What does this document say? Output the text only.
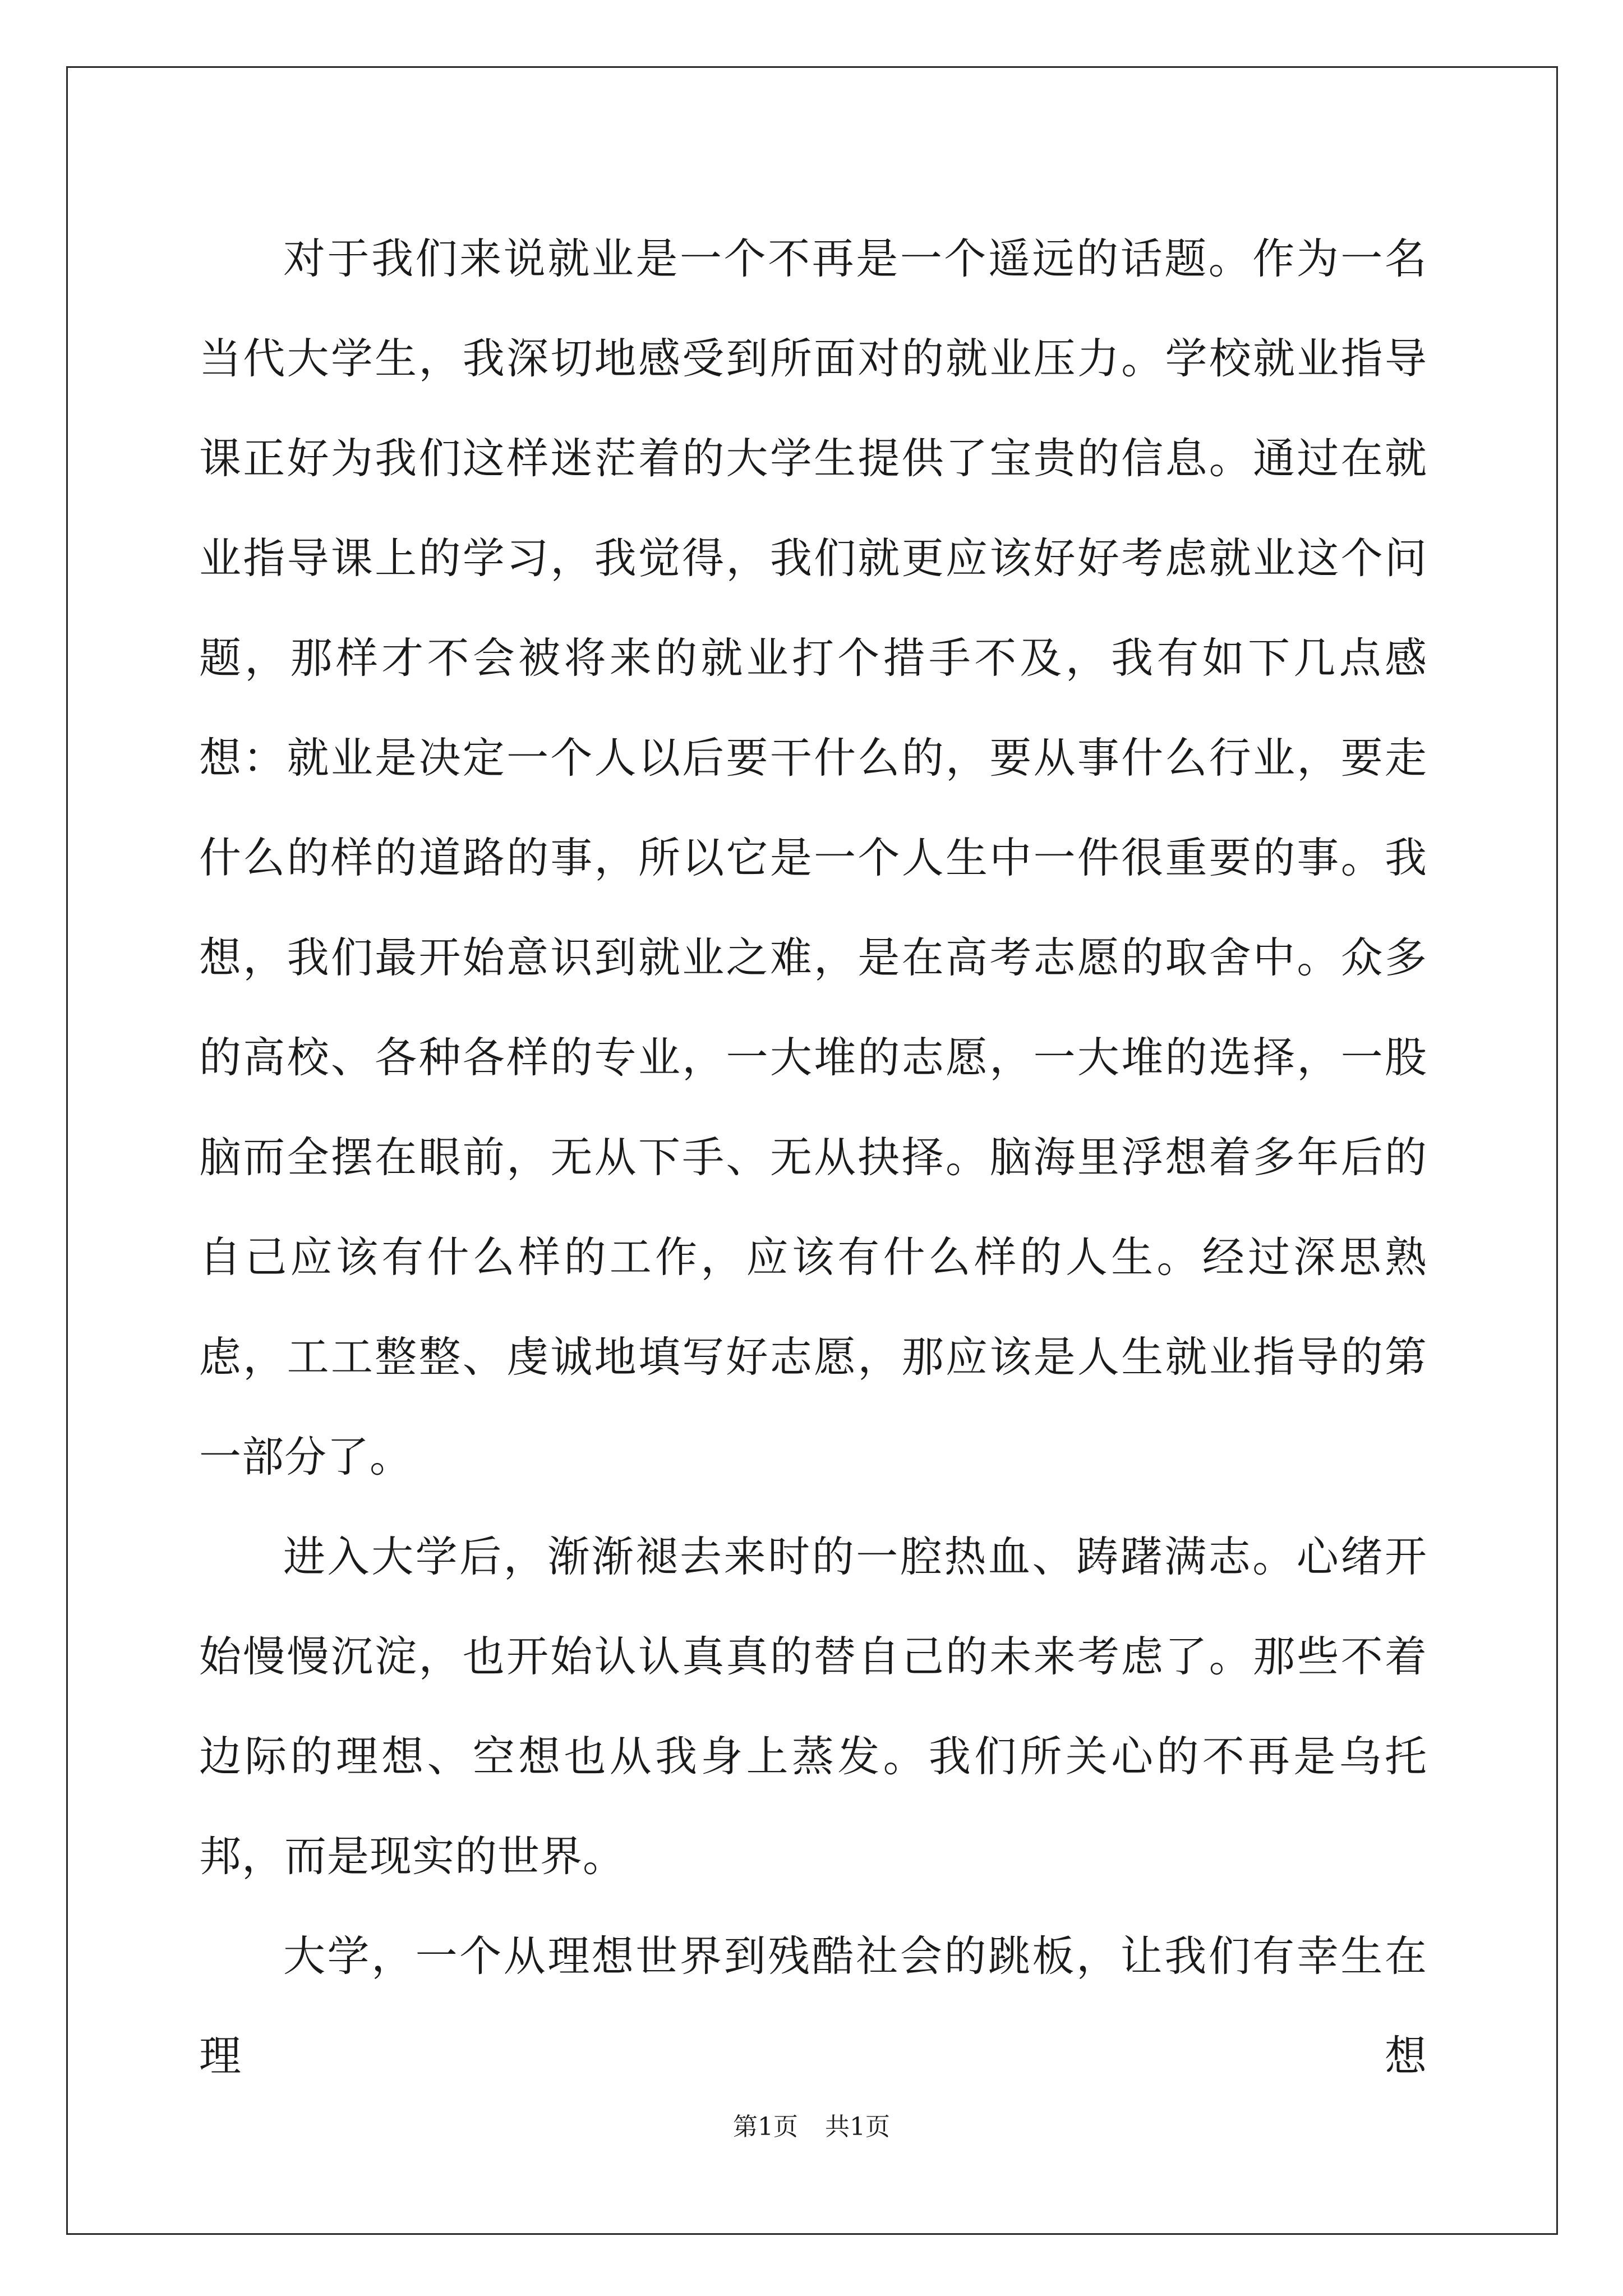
对于我们来说就业是一个不再是一个遥远的话题。作为一名当代大学生，我深切地感受到所面对的就业压力。学校就业指导课正好为我们这样迷茫着的大学生提供了宝贵的信息。通过在就业指导课上的学习，我觉得，我们就更应该好好考虑就业这个问题，那样才不会被将来的就业打个措手不及，我有如下几点感想：就业是决定一个人以后要干什么的，要从事什么行业，要走什么的样的道路的事，所以它是一个人生中一件很重要的事。我想，我们最开始意识到就业之难，是在高考志愿的取舍中。众多的高校、各种各样的专业，一大堆的志愿，一大堆的选择，一股脑而全摆在眼前，无从下手、无从抉择。脑海里浮想着多年后的自己应该有什么样的工作，应该有什么样的人生。经过深思熟虑，工工整整、虔诚地填写好志愿，那应该是人生就业指导的第一部分了。

进入大学后，渐渐褪去来时的一腔热血、踌躇满志。心绪开始慢慢沉淀，也开始认认真真的替自己的未来考虑了。那些不着边际的理想、空想也从我身上蒸发。我们所关心的不再是乌托邦，而是现实的世界。

大学，一个从理想世界到残酷社会的跳板，让我们有幸生在理想

第1页 共1页
